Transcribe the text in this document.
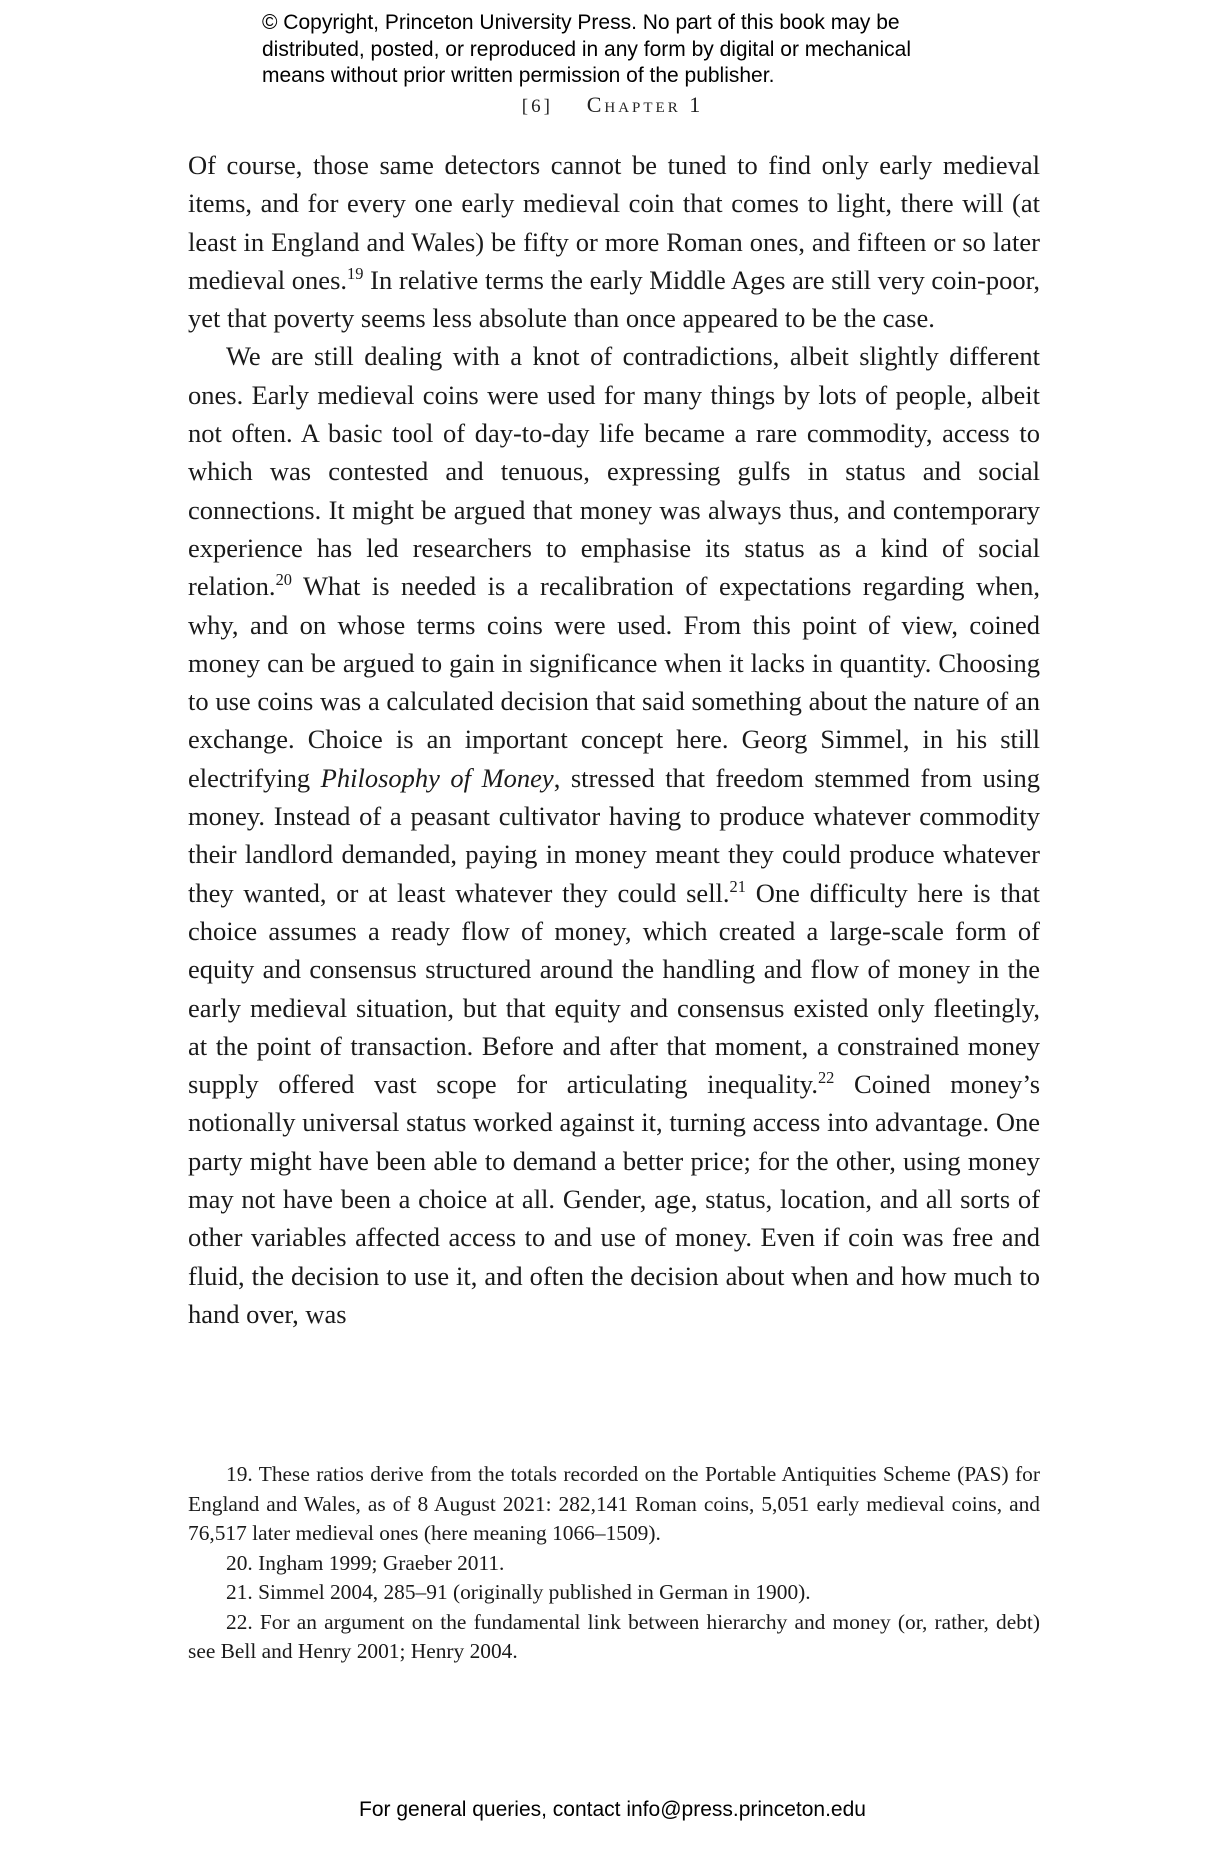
© Copyright, Princeton University Press. No part of this book may be
distributed, posted, or reproduced in any form by digital or mechanical
means without prior written permission of the publisher.
[6] Chapter 1

Of course, those same detectors cannot be tuned to find only early medieval items, and for every one early medieval coin that comes to light, there will (at least in England and Wales) be fifty or more Roman ones, and fifteen or so later medieval ones.$^{19}$ In relative terms the early Middle Ages are still very coin-poor, yet that poverty seems less absolute than once appeared to be the case.

We are still dealing with a knot of contradictions, albeit slightly different ones. Early medieval coins were used for many things by lots of people, albeit not often. A basic tool of day-to-day life became a rare commodity, access to which was contested and tenuous, expressing gulfs in status and social connections. It might be argued that money was always thus, and contemporary experience has led researchers to emphasise its status as a kind of social relation.$^{20}$ What is needed is a recalibration of expectations regarding when, why, and on whose terms coins were used. From this point of view, coined money can be argued to gain in significance when it lacks in quantity. Choosing to use coins was a calculated decision that said something about the nature of an exchange. Choice is an important concept here. Georg Simmel, in his still electrifying Philosophy of Money, stressed that freedom stemmed from using money. Instead of a peasant cultivator having to produce whatever commodity their landlord demanded, paying in money meant they could produce whatever they wanted, or at least whatever they could sell.$^{21}$ One difficulty here is that choice assumes a ready flow of money, which created a large-scale form of equity and consensus structured around the handling and flow of money in the early medieval situation, but that equity and consensus existed only fleetingly, at the point of transaction. Before and after that moment, a constrained money supply offered vast scope for articulating inequality.$^{22}$ Coined money’s notionally universal status worked against it, turning access into advantage. One party might have been able to demand a better price; for the other, using money may not have been a choice at all. Gender, age, status, location, and all sorts of other variables affected access to and use of money. Even if coin was free and fluid, the decision to use it, and often the decision about when and how much to hand over, was

19. These ratios derive from the totals recorded on the Portable Antiquities Scheme (PAS) for England and Wales, as of 8 August 2021: 282,141 Roman coins, 5,051 early medieval coins, and 76,517 later medieval ones (here meaning 1066–1509).

20. Ingham 1999; Graeber 2011.

21. Simmel 2004, 285–91 (originally published in German in 1900).

22. For an argument on the fundamental link between hierarchy and money (or, rather, debt) see Bell and Henry 2001; Henry 2004.

For general queries, contact info@press.princeton.edu
